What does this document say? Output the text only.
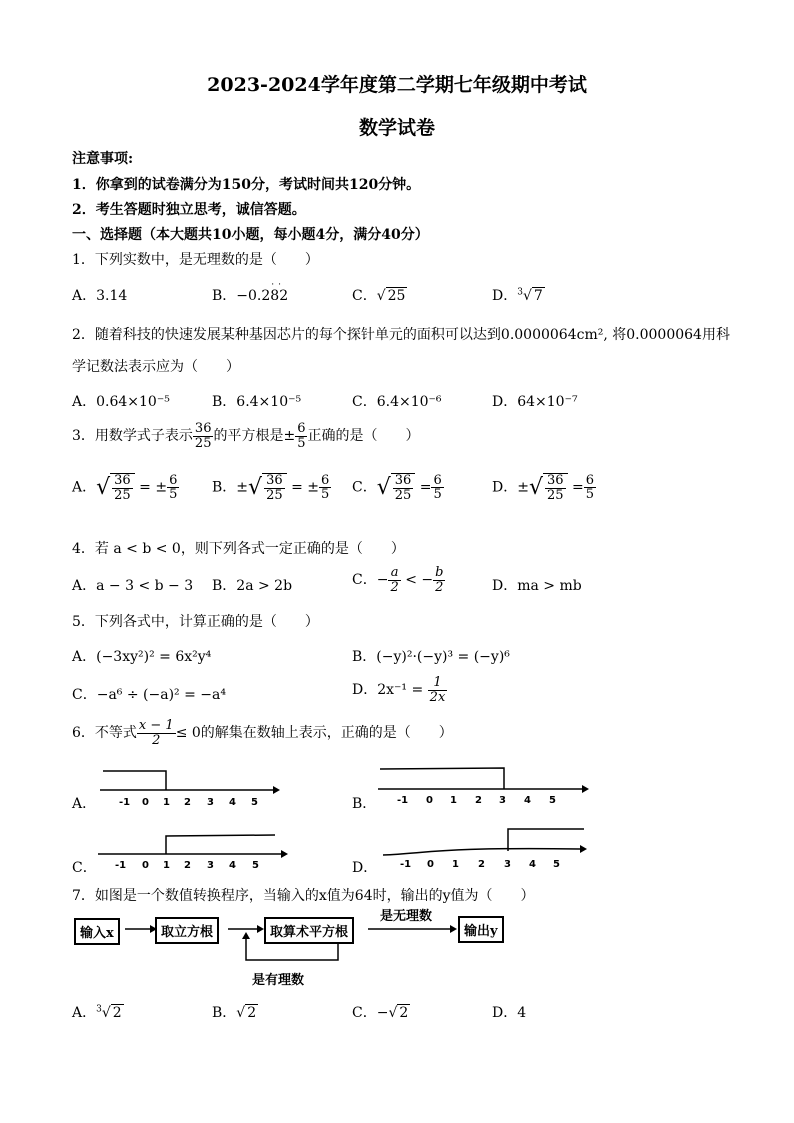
2023-2024学年度第二学期七年级期中考试
数学试卷
注意事项:
1．你拿到的试卷满分为150分，考试时间共120分钟。
2．考生答题时独立思考，诚信答题。
一、选择题（本大题共10小题，每小题4分，满分40分）
1．下列实数中，是无理数的是（　　）
A．3.14	B．−0.282
··
C．√ 25	D．$^3$√ 7
2．随着科技的快速发展某种基因芯片的每个探针单元的面积可以达到0.0000064cm², 将0.0000064用科
学记数法表示应为（　　）
A．0.64×10⁻⁵	B．6.4×10⁻⁵	C．6.4×10⁻⁶	D．64×10⁻⁷
3．用数学式子表示 $\frac{36}{25}$ 的平方根是± $\frac{6}{5}$ 正确的是（　　）
A．√ $\frac{36}{25}$ = ± $\frac{6}{5}$ B．±√ $\frac{36}{25}$ = ± $\frac{6}{5}$ C．√ $\frac{36}{25} = \frac{6}{5}$	D．±√ $\frac{36}{25} = \frac{6}{5}$
4．若 a < b < 0，则下列各式一定正确的是（　　）
A．a − 3 < b − 3 B．2a > 2b	C．− $\frac{a}{2}$ < − $\frac{b}{2}$	D．ma > mb
5．下列各式中，计算正确的是（　　）
A．(−3xy²)² = 6x²y⁴	B．(−y)²·(−y)³ = (−y)⁶
C．−a⁶ ÷ (−a)² = −a⁴	D．$2x^{-1} = \frac{1}{2x}$
6．不等式 $\frac{x - 1}{2} \le 0$的解集在数轴上表示，正确的是（　　）
A． -1 0 1 2 3 4 5	B． -1 0 1 2 3 4 5
C． -1 0 1 2 3 4 5	D． -1 0 1 2 3 4 5
7．如图是一个数值转换程序，当输入的x值为64时，输出的y值为（　　）
输入x	取立方根	取算术平方根	输出y
是无理数
是有理数
A．$^3$√ 2	B．√ 2	C．−√ 2	D．4
